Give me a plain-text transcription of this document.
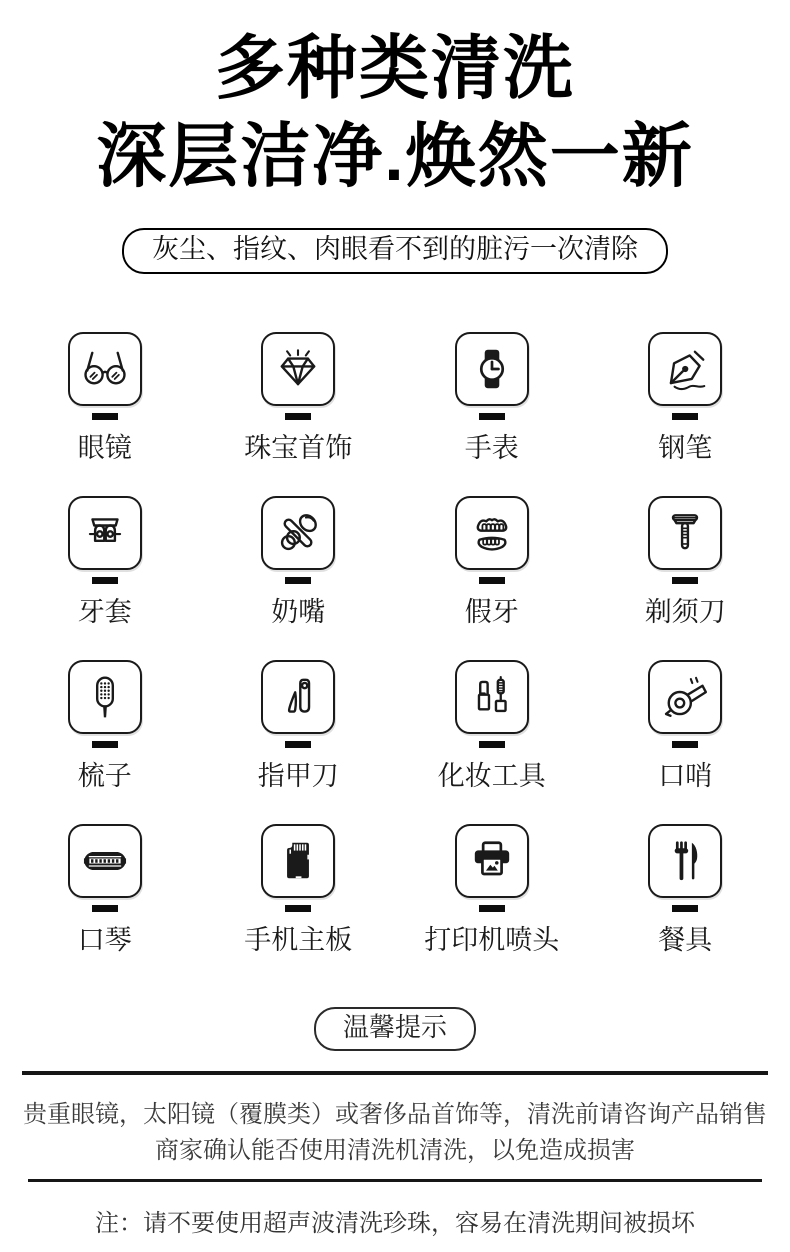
多种类清洗
深层洁净.焕然一新
灰尘、指纹、肉眼看不到的脏污一次清除
眼镜	珠宝首饰	手表	钢笔
牙套	奶嘴	假牙	剃须刀
梳子	指甲刀	化妆工具	口哨
口琴	手机主板	打印机喷头	餐具
温馨提示
贵重眼镜，太阳镜（覆膜类）或奢侈品首饰等，清洗前请咨询产品销售
商家确认能否使用清洗机清洗，以免造成损害
注：请不要使用超声波清洗珍珠，容易在清洗期间被损坏
